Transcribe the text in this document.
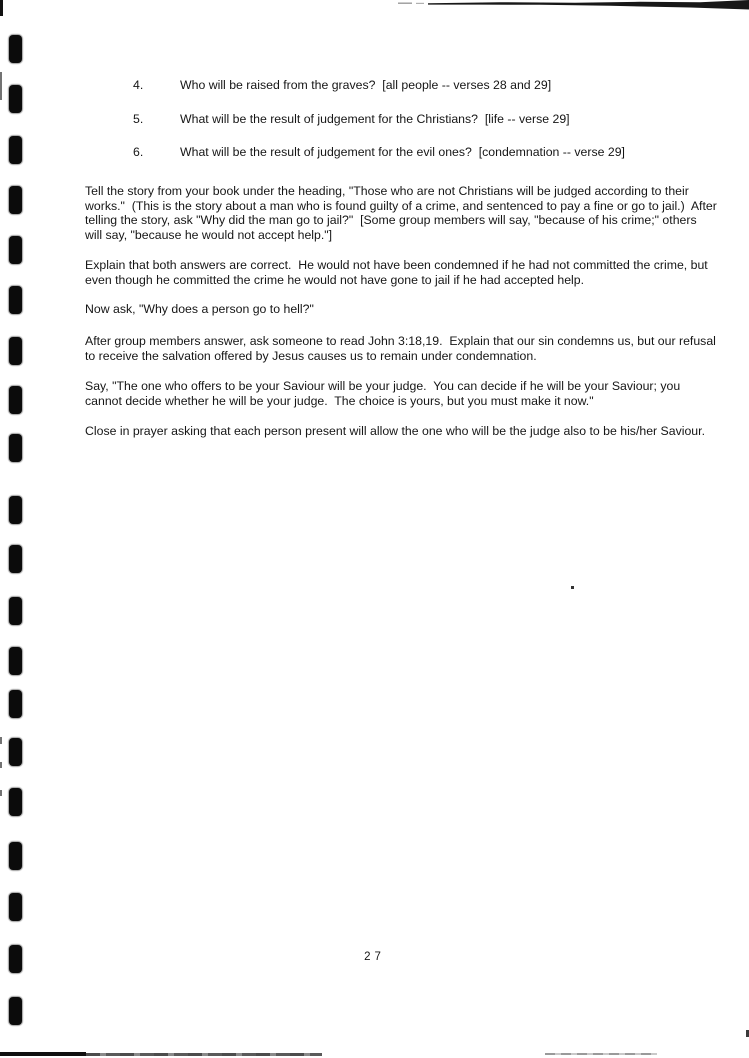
4.

	Who will be raised from the graves?  [all people -- verses 28 and 29]

5.

	What will be the result of judgement for the Christians?  [life -- verse 29]

6.

	What will be the result of judgement for the evil ones?  [condemnation -- verse 29]

Tell the story from your book under the heading, "Those who are not Christians will be judged according to their works."  (This is the story about a man who is found guilty of a crime, and sentenced to pay a fine or go to jail.)  After telling the story, ask "Why did the man go to jail?"  [Some group members will say, "because of his crime;" others will say, "because he would not accept help."]
Explain that both answers are correct.  He would not have been condemned if he had not committed the crime, but even though he committed the crime he would not have gone to jail if he had accepted help.
Now ask, "Why does a person go to hell?"
After group members answer, ask someone to read John 3:18,19.  Explain that our sin condemns us, but our refusal to receive the salvation offered by Jesus causes us to remain under condemnation.
Say, "The one who offers to be your Saviour will be your judge.  You can decide if he will be your Saviour; you cannot decide whether he will be your judge.  The choice is yours, but you must make it now."
Close in prayer asking that each person present will allow the one who will be the judge also to be his/her Saviour.
27
